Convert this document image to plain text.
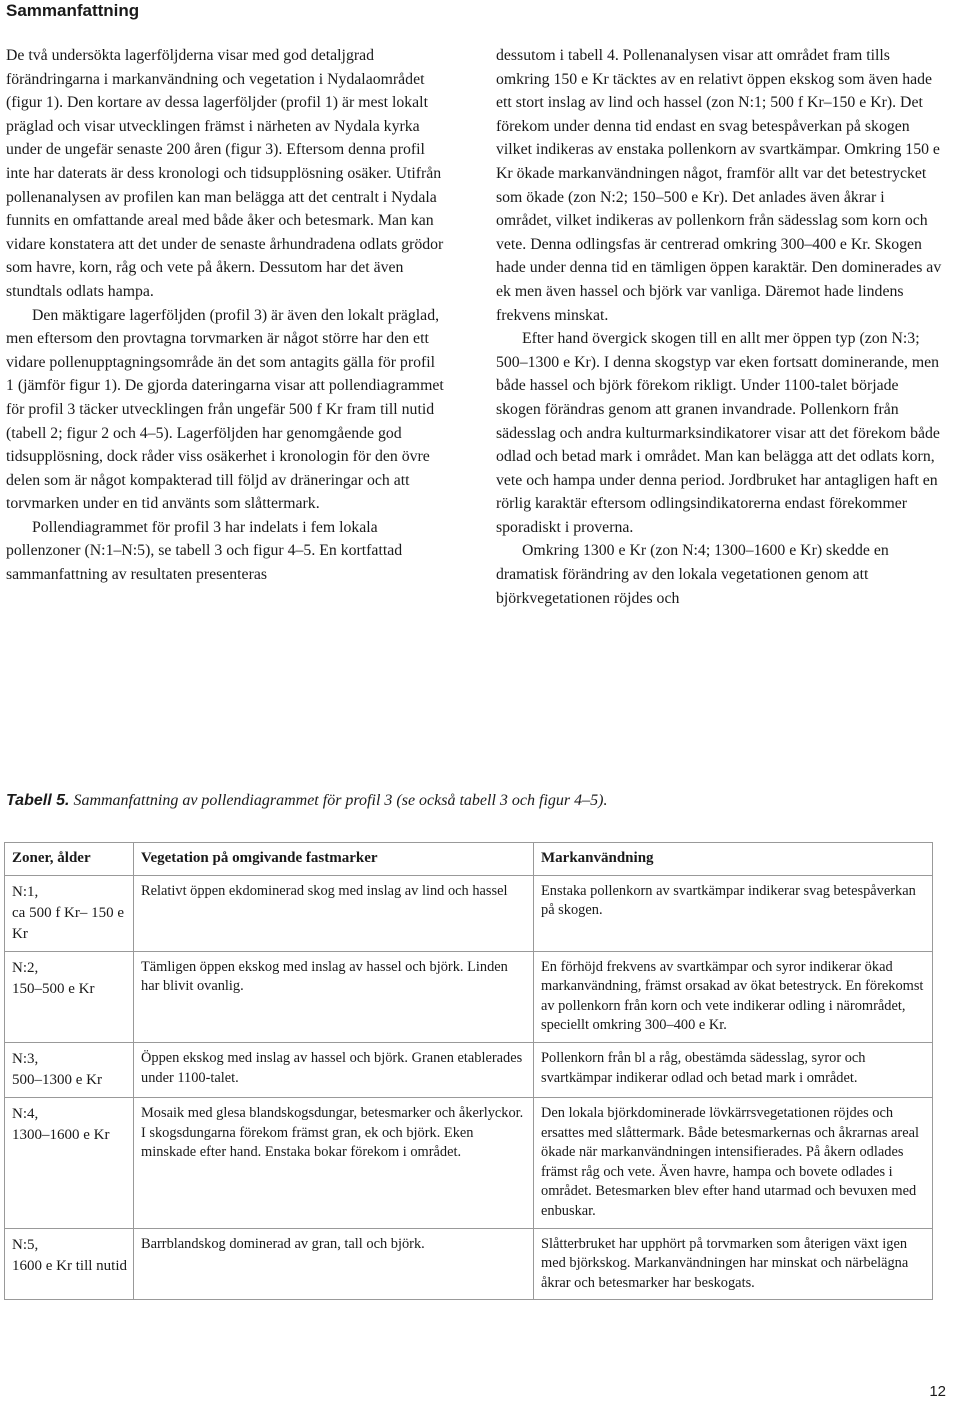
Sammanfattning

De två undersökta lagerföljderna visar med god detaljgrad förändringarna i markanvändning och vegetation i Nydalaområdet (figur 1). Den kortare av dessa lagerföljder (profil 1) är mest lokalt präglad och visar utvecklingen främst i närheten av Nydala kyrka under de ungefär senaste 200 åren (figur 3). Eftersom denna profil inte har daterats är dess kronologi och tidsupplösning osäker. Utifrån pollenanalysen av profilen kan man belägga att det centralt i Nydala funnits en omfattande areal med både åker och betesmark. Man kan vidare konstatera att det under de senaste århundradena odlats grödor som havre, korn, råg och vete på åkern. Dessutom har det även stundtals odlats hampa.

Den mäktigare lagerföljden (profil 3) är även den lokalt präglad, men eftersom den provtagna torvmarken är något större har den ett vidare pollenupptagningsområde än det som antagits gälla för profil 1 (jämför figur 1). De gjorda dateringarna visar att pollendiagrammet för profil 3 täcker utvecklingen från ungefär 500 f Kr fram till nutid (tabell 2; figur 2 och 4–5). Lagerföljden har genomgående god tidsupplösning, dock råder viss osäkerhet i kronologin för den övre delen som är något kompakterad till följd av dräneringar och att torvmarken under en tid använts som slåttermark.

Pollendiagrammet för profil 3 har indelats i fem lokala pollenzoner (N:1–N:5), se tabell 3 och figur 4–5. En kortfattad sammanfattning av resultaten presenteras

dessutom i tabell 4. Pollenanalysen visar att området fram tills omkring 150 e Kr täcktes av en relativt öppen ekskog som även hade ett stort inslag av lind och hassel (zon N:1; 500 f Kr–150 e Kr). Det förekom under denna tid endast en svag betespåverkan på skogen vilket indikeras av enstaka pollenkorn av svartkämpar. Omkring 150 e Kr ökade markanvändningen något, framför allt var det betestrycket som ökade (zon N:2; 150–500 e Kr). Det anlades även åkrar i området, vilket indikeras av pollenkorn från sädesslag som korn och vete. Denna odlingsfas är centrerad omkring 300–400 e Kr. Skogen hade under denna tid en tämligen öppen karaktär. Den dominerades av ek men även hassel och björk var vanliga. Däremot hade lindens frekvens minskat.

Efter hand övergick skogen till en allt mer öppen typ (zon N:3; 500–1300 e Kr). I denna skogstyp var eken fortsatt dominerande, men både hassel och björk förekom rikligt. Under 1100-talet började skogen förändras genom att granen invandrade. Pollenkorn från sädesslag och andra kulturmarksindikatorer visar att det förekom både odlad och betad mark i området. Man kan belägga att det odlats korn, vete och hampa under denna period. Jordbruket har antagligen haft en rörlig karaktär eftersom odlingsindikatorerna endast förekommer sporadiskt i proverna.

Omkring 1300 e Kr (zon N:4; 1300–1600 e Kr) skedde en dramatisk förändring av den lokala vegetationen genom att björkvegetationen röjdes och

Tabell 5. Sammanfattning av pollendiagrammet för profil 3 (se också tabell 3 och figur 4–5).
Zoner, ålder	Vegetation på omgivande fastmarker	Markanvändning
N:1,
ca 500 f Kr– 150 e Kr	Relativt öppen ekdominerad skog med inslag av lind och hassel	Enstaka pollenkorn av svartkämpar indikerar svag betespåverkan på skogen.
N:2,
150–500 e Kr	Tämligen öppen ekskog med inslag av hassel och björk. Linden har blivit ovanlig.	En förhöjd frekvens av svartkämpar och syror indikerar ökad markanvändning, främst orsakad av ökat betestryck. En förekomst av pollenkorn från korn och vete indikerar odling i närområdet, speciellt omkring 300–400 e Kr.
N:3,
500–1300 e Kr	Öppen ekskog med inslag av hassel och björk. Granen etablerades under 1100-talet.	Pollenkorn från bl a råg, obestämda sädesslag, syror och svartkämpar indikerar odlad och betad mark i området.
N:4,
1300–1600 e Kr	Mosaik med glesa blandskogsdungar, betesmarker och åkerlyckor. I skogsdungarna förekom främst gran, ek och björk. Eken minskade efter hand. Enstaka bokar förekom i området.	Den lokala björkdominerade lövkärrsvegetationen röjdes och ersattes med slåttermark. Både betesmarkernas och åkrarnas areal ökade när markanvändningen intensifierades. På åkern odlades främst råg och vete. Även havre, hampa och bovete odlades i området. Betesmarken blev efter hand utarmad och bevuxen med enbuskar.
N:5,
1600 e Kr till nutid	Barrblandskog dominerad av gran, tall och björk.	Slåtterbruket har upphört på torvmarken som återigen växt igen med björkskog. Markanvändningen har minskat och närbelägna åkrar och betesmarker har beskogats.
12
